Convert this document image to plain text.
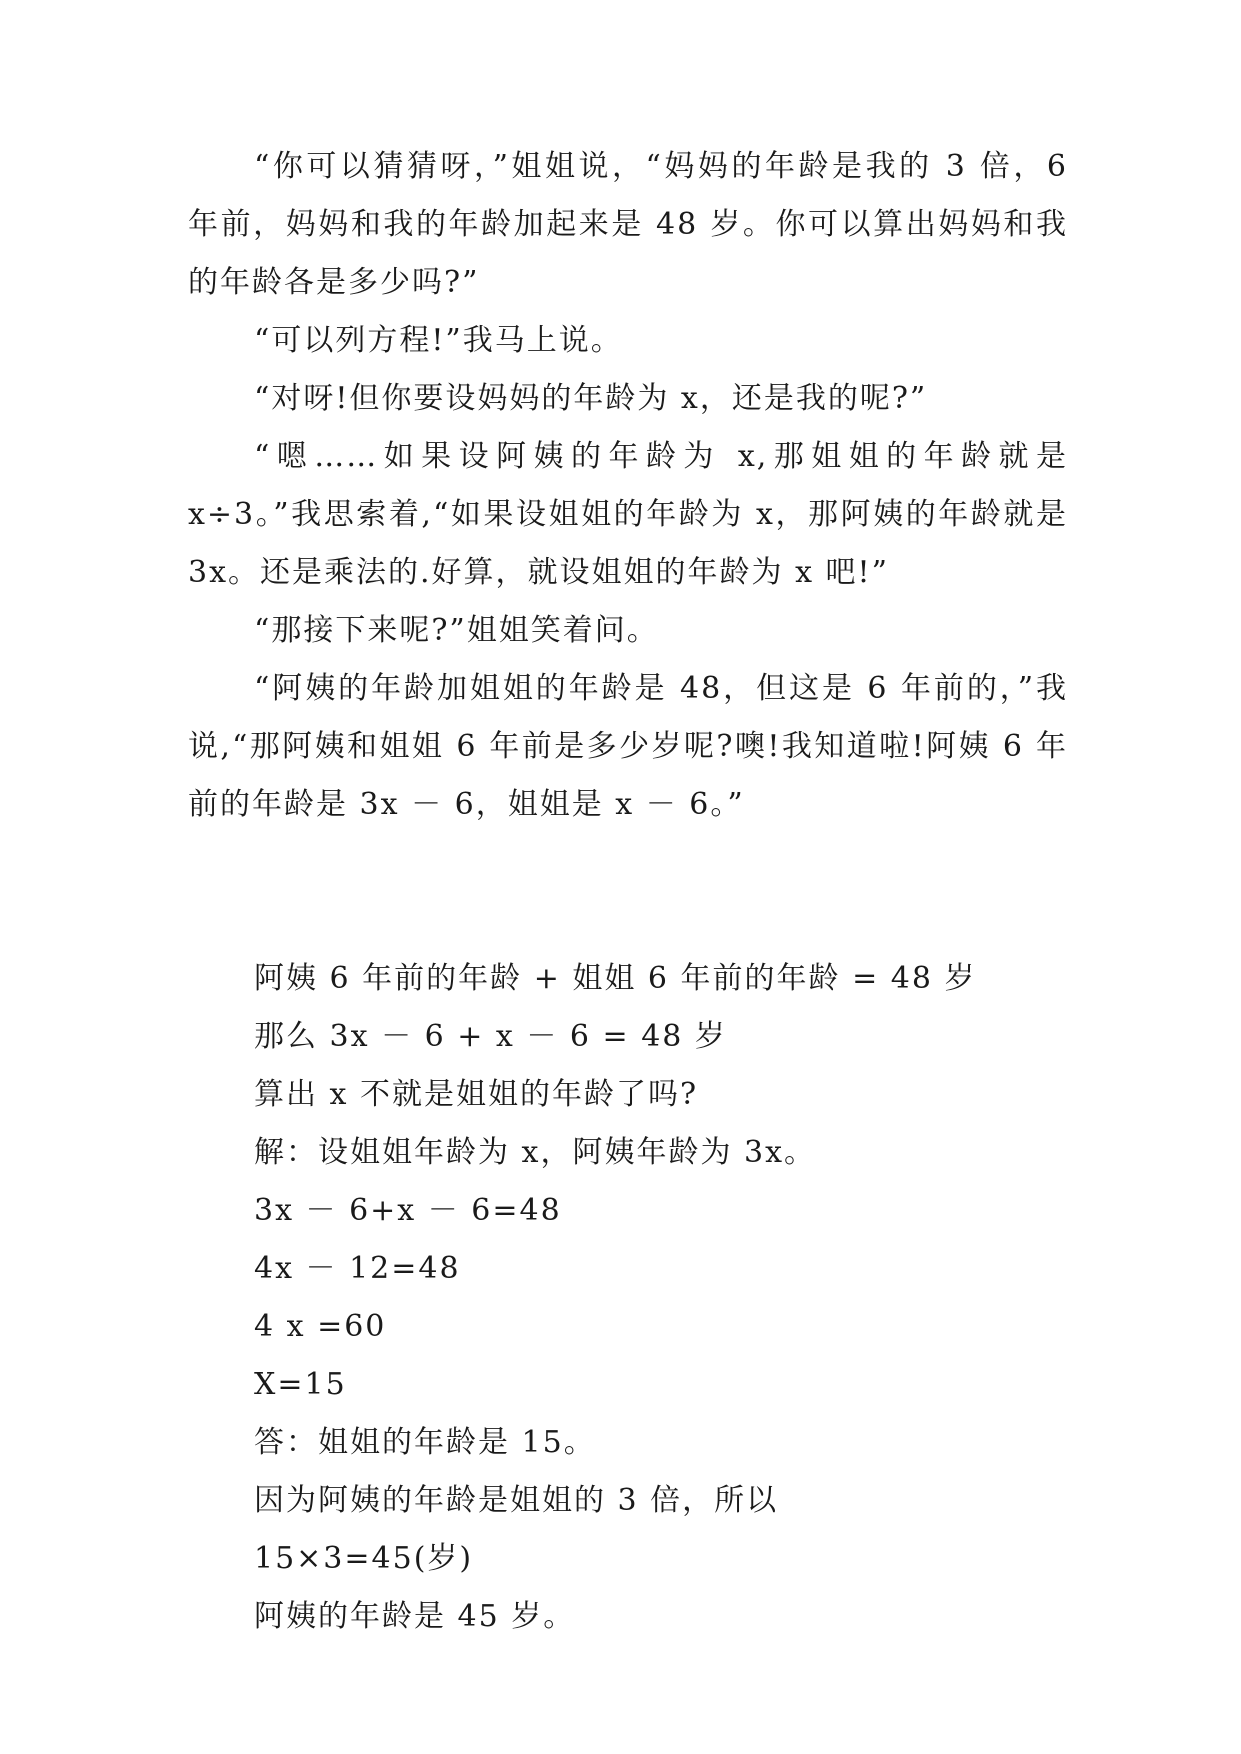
“你可以猜猜呀，”姐姐说，“妈妈的年龄是我的 3 倍，6 年前，妈妈和我的年龄加起来是 48 岁。你可以算出妈妈和我的年龄各是多少吗?”

“可以列方程!”我马上说。

“对呀!但你要设妈妈的年龄为 x，还是我的呢?”

“嗯……如果设阿姨的年龄为 x,那姐姐的年龄就是 x÷3。”我思索着,“如果设姐姐的年龄为 x，那阿姨的年龄就是 3x。还是乘法的.好算，就设姐姐的年龄为 x 吧!”

“那接下来呢?”姐姐笑着问。

“阿姨的年龄加姐姐的年龄是 48，但这是 6 年前的，”我说,“那阿姨和姐姐 6 年前是多少岁呢?噢!我知道啦!阿姨 6 年前的年龄是 3x － 6，姐姐是 x － 6。”

阿姨 6 年前的年龄 + 姐姐 6 年前的年龄 = 48 岁

那么 3x － 6 + x － 6 = 48 岁

算出 x 不就是姐姐的年龄了吗?

解：设姐姐年龄为 x，阿姨年龄为 3x。

3x － 6+x － 6=48

4x － 12=48

4 x =60

X=15

答：姐姐的年龄是 15。

因为阿姨的年龄是姐姐的 3 倍，所以

15×3=45(岁)

阿姨的年龄是 45 岁。
